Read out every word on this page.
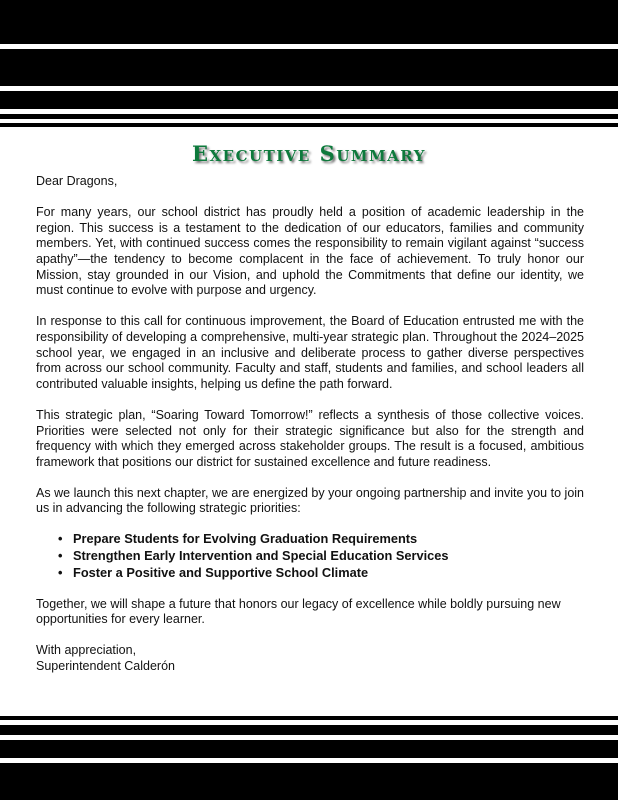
Executive Summary

Dear Dragons,

For many years, our school district has proudly held a position of academic leadership in the region. This success is a testament to the dedication of our educators, families and community members. Yet, with continued success comes the responsibility to remain vigilant against “success apathy”—the tendency to become complacent in the face of achievement. To truly honor our Mission, stay grounded in our Vision, and uphold the Commitments that define our identity, we must continue to evolve with purpose and urgency.

In response to this call for continuous improvement, the Board of Education entrusted me with the responsibility of developing a comprehensive, multi-year strategic plan. Throughout the 2024–2025 school year, we engaged in an inclusive and deliberate process to gather diverse perspectives from across our school community. Faculty and staff, students and families, and school leaders all contributed valuable insights, helping us define the path forward.

This strategic plan, “Soaring Toward Tomorrow!” reflects a synthesis of those collective voices. Priorities were selected not only for their strategic significance but also for the strength and frequency with which they emerged across stakeholder groups. The result is a focused, ambitious framework that positions our district for sustained excellence and future readiness.

As we launch this next chapter, we are energized by your ongoing partnership and invite you to join us in advancing the following strategic priorities:

• Prepare Students for Evolving Graduation Requirements
• Strengthen Early Intervention and Special Education Services
• Foster a Positive and Supportive School Climate

Together, we will shape a future that honors our legacy of excellence while boldly pursuing new opportunities for every learner.

With appreciation,

Superintendent Calderón
